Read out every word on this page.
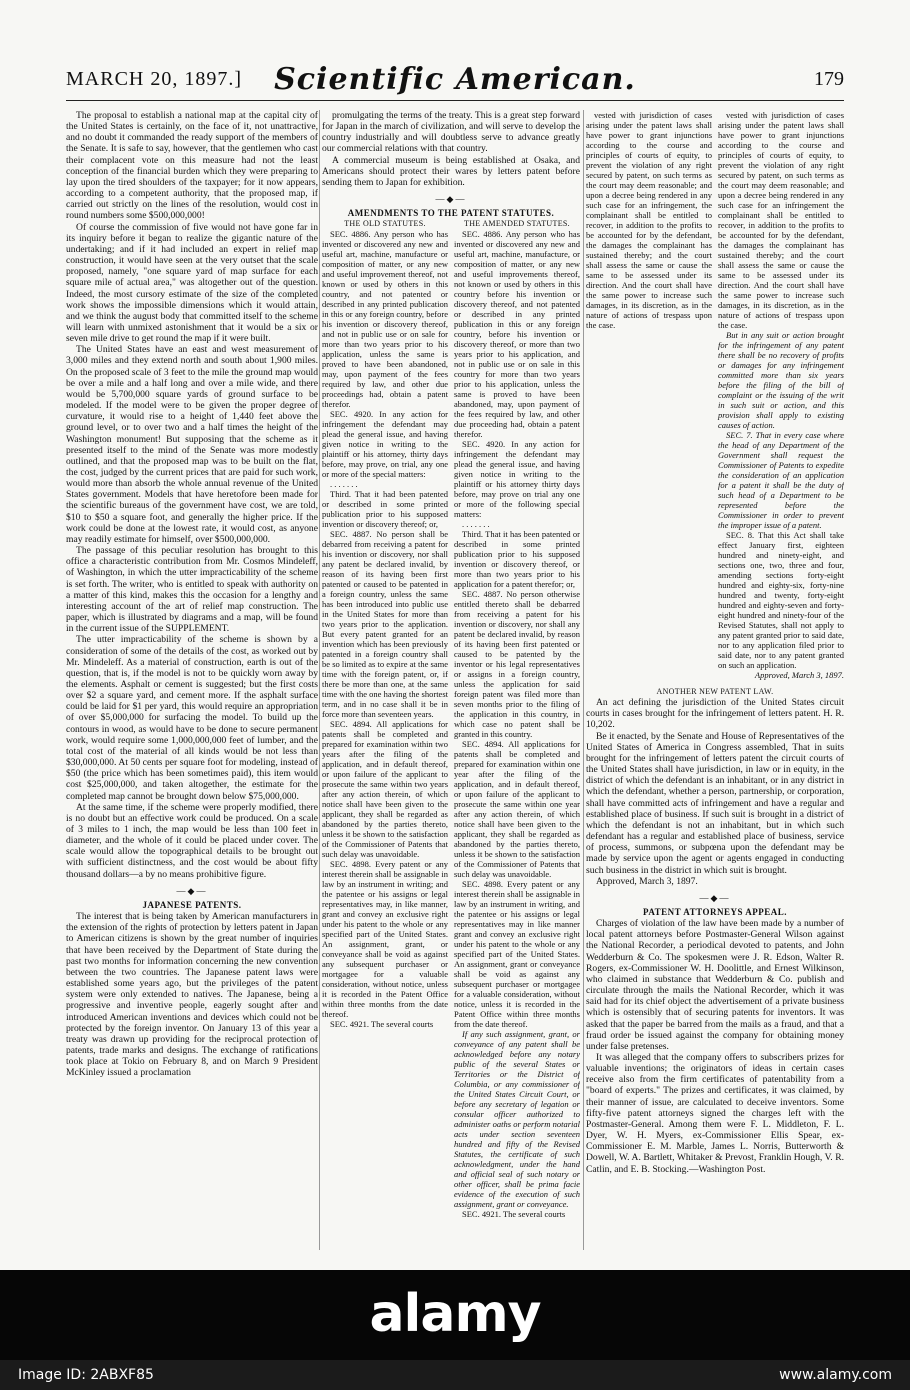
MARCH 20, 1897.]	Scientific American.	179

The proposal to establish a national map at the capital city of the United States is certainly, on the face of it, not unattractive, and no doubt it commanded the ready support of the members of the Senate. It is safe to say, however, that the gentlemen who cast their complacent vote on this measure had not the least conception of the financial burden which they were preparing to lay upon the tired shoulders of the taxpayer; for it now appears, according to a competent authority, that the proposed map, if carried out strictly on the lines of the resolution, would cost in round numbers some $500,000,000!

Of course the commission of five would not have gone far in its inquiry before it began to realize the gigantic nature of the undertaking; and if it had included an expert in relief map construction, it would have seen at the very outset that the scale proposed, namely, "one square yard of map surface for each square mile of actual area," was altogether out of the question. Indeed, the most cursory estimate of the size of the completed work shows the impossible dimensions which it would attain, and we think the august body that committed itself to the scheme will learn with unmixed astonishment that it would be a six or seven mile drive to get round the map if it were built.

The United States have an east and west measurement of 3,000 miles and they extend north and south about 1,900 miles. On the proposed scale of 3 feet to the mile the ground map would be over a mile and a half long and over a mile wide, and there would be 5,700,000 square yards of ground surface to be modeled. If the model were to be given the proper degree of curvature, it would rise to a height of 1,440 feet above the ground level, or to over two and a half times the height of the Washington monument! But supposing that the scheme as it presented itself to the mind of the Senate was more modestly outlined, and that the proposed map was to be built on the flat, the cost, judged by the current prices that are paid for such work, would more than absorb the whole annual revenue of the United States government. Models that have heretofore been made for the scientific bureaus of the government have cost, we are told, $10 to $50 a square foot, and generally the higher price. If the work could be done at the lowest rate, it would cost, as anyone may readily estimate for himself, over $500,000,000.

The passage of this peculiar resolution has brought to this office a characteristic contribution from Mr. Cosmos Mindeleff, of Washington, in which the utter impracticability of the scheme is set forth. The writer, who is entitled to speak with authority on a matter of this kind, makes this the occasion for a lengthy and interesting account of the art of relief map construction. The paper, which is illustrated by diagrams and a map, will be found in the current issue of the SUPPLEMENT.

The utter impracticability of the scheme is shown by a consideration of some of the details of the cost, as worked out by Mr. Mindeleff. As a material of construction, earth is out of the question, that is, if the model is not to be quickly worn away by the elements. Asphalt or cement is suggested; but the first costs over $2 a square yard, and cement more. If the asphalt surface could be laid for $1 per yard, this would require an appropriation of over $5,000,000 for surfacing the model. To build up the contours in wood, as would have to be done to secure permanent work, would require some 1,000,000,000 feet of lumber, and the total cost of the material of all kinds would be not less than $30,000,000. At 50 cents per square foot for modeling, instead of $50 (the price which has been sometimes paid), this item would cost $25,000,000, and taken altogether, the estimate for the completed map cannot be brought down below $75,000,000.

At the same time, if the scheme were properly modified, there is no doubt but an effective work could be produced. On a scale of 3 miles to 1 inch, the map would be less than 100 feet in diameter, and the whole of it could be placed under cover. The scale would allow the topographical details to be brought out with sufficient distinctness, and the cost would be about fifty thousand dollars—a by no means prohibitive figure.

—◆—

JAPANESE PATENTS.

The interest that is being taken by American manufacturers in the extension of the rights of protection by letters patent in Japan to American citizens is shown by the great number of inquiries that have been received by the Department of State during the past two months for information concerning the new convention between the two countries. The Japanese patent laws were established some years ago, but the privileges of the patent system were only extended to natives. The Japanese, being a progressive and inventive people, eagerly sought after and introduced American inventions and devices which could not be protected by the foreign inventor. On January 13 of this year a treaty was drawn up providing for the reciprocal protection of patents, trade marks and designs. The exchange of ratifications took place at Tokio on February 8, and on March 9 President McKinley issued a proclamation

promulgating the terms of the treaty. This is a great step forward for Japan in the march of civilization, and will serve to develop the country industrially and will doubtless serve to advance greatly our commercial relations with that country.

A commercial museum is being established at Osaka, and Americans should protect their wares by letters patent before sending them to Japan for exhibition.

—◆—

AMENDMENTS TO THE PATENT STATUTES.

THE OLD STATUTES.

SEC. 4886. Any person who has invented or discovered any new and useful art, machine, manufacture or composition of matter, or any new and useful improvement thereof, not known or used by others in this country, and not patented or described in any printed publication in this or any foreign country, before his invention or discovery thereof, and not in public use or on sale for more than two years prior to his application, unless the same is proved to have been abandoned, may, upon payment of the fees required by law, and other due proceedings had, obtain a patent therefor.

SEC. 4920. In any action for infringement the defendant may plead the general issue, and having given notice in writing to the plaintiff or his attorney, thirty days before, may prove, on trial, any one or more of the special matters:

. . . . . . .

Third. That it had been patented or described in some printed publication prior to his supposed invention or discovery thereof; or,

SEC. 4887. No person shall be debarred from receiving a patent for his invention or discovery, nor shall any patent be declared invalid, by reason of its having been first patented or caused to be patented in a foreign country, unless the same has been introduced into public use in the United States for more than two years prior to the application. But every patent granted for an invention which has been previously patented in a foreign country shall be so limited as to expire at the same time with the foreign patent, or, if there be more than one, at the same time with the one having the shortest term, and in no case shall it be in force more than seventeen years.

SEC. 4894. All applications for patents shall be completed and prepared for examination within two years after the filing of the application, and in default thereof, or upon failure of the applicant to prosecute the same within two years after any action therein, of which notice shall have been given to the applicant, they shall be regarded as abandoned by the parties thereto, unless it be shown to the satisfaction of the Commissioner of Patents that such delay was unavoidable.

SEC. 4898. Every patent or any interest therein shall be assignable in law by an instrument in writing; and the patentee or his assigns or legal representatives may, in like manner, grant and convey an exclusive right under his patent to the whole or any specified part of the United States. An assignment, grant, or conveyance shall be void as against any subsequent purchaser or mortgagee for a valuable consideration, without notice, unless it is recorded in the Patent Office within three months from the date thereof.

SEC. 4921. The several courts

THE AMENDED STATUTES.

SEC. 4886. Any person who has invented or discovered any new and useful art, machine, manufacture, or composition of matter, or any new and useful improvements thereof, not known or used by others in this country before his invention or discovery thereof, and not patented or described in any printed publication in this or any foreign country, before his invention or discovery thereof, or more than two years prior to his application, and not in public use or on sale in this country for more than two years prior to his application, unless the same is proved to have been abandoned, may, upon payment of the fees required by law, and other due proceeding had, obtain a patent therefor.

SEC. 4920. In any action for infringement the defendant may plead the general issue, and having given notice in writing to the plaintiff or his attorney thirty days before, may prove on trial any one or more of the following special matters:

. . . . . . .

Third. That it has been patented or described in some printed publication prior to his supposed invention or discovery thereof, or more than two years prior to his application for a patent therefor; or,

SEC. 4887. No person otherwise entitled thereto shall be debarred from receiving a patent for his invention or discovery, nor shall any patent be declared invalid, by reason of its having been first patented or caused to be patented by the inventor or his legal representatives or assigns in a foreign country, unless the application for said foreign patent was filed more than seven months prior to the filing of the application in this country, in which case no patent shall be granted in this country.

SEC. 4894. All applications for patents shall be completed and prepared for examination within one year after the filing of the application, and in default thereof, or upon failure of the applicant to prosecute the same within one year after any action therein, of which notice shall have been given to the applicant, they shall be regarded as abandoned by the parties thereto, unless it be shown to the satisfaction of the Commissioner of Patents that such delay was unavoidable.

SEC. 4898. Every patent or any interest therein shall be assignable in law by an instrument in writing, and the patentee or his assigns or legal representatives may in like manner grant and convey an exclusive right under his patent to the whole or any specified part of the United States. An assignment, grant or conveyance shall be void as against any subsequent purchaser or mortgagee for a valuable consideration, without notice, unless it is recorded in the Patent Office within three months from the date thereof.

If any such assignment, grant, or conveyance of any patent shall be acknowledged before any notary public of the several States or Territories or the District of Columbia, or any commissioner of the United States Circuit Court, or before any secretary of legation or consular officer authorized to administer oaths or perform notarial acts under section seventeen hundred and fifty of the Revised Statutes, the certificate of such acknowledgment, under the hand and official seal of such notary or other officer, shall be prima facie evidence of the execution of such assignment, grant or conveyance.

SEC. 4921. The several courts

vested with jurisdiction of cases arising under the patent laws shall have power to grant injunctions according to the course and principles of courts of equity, to prevent the violation of any right secured by patent, on such terms as the court may deem reasonable; and upon a decree being rendered in any such case for an infringement, the complainant shall be entitled to recover, in addition to the profits to be accounted for by the defendant, the damages the complainant has sustained thereby; and the court shall assess the same or cause the same to be assessed under its direction. And the court shall have the same power to increase such damages, in its discretion, as in the nature of actions of trespass upon the case.

vested with jurisdiction of cases arising under the patent laws shall have power to grant injunctions according to the course and principles of courts of equity, to prevent the violation of any right secured by patent, on such terms as the court may deem reasonable; and upon a decree being rendered in any such case for an infringement the complainant shall be entitled to recover, in addition to the profits to be accounted for by the defendant, the damages the complainant has sustained thereby; and the court shall assess the same or cause the same to be assessed under its direction. And the court shall have the same power to increase such damages, in its discretion, as in the nature of actions of trespass upon the case.

But in any suit or action brought for the infringement of any patent there shall be no recovery of profits or damages for any infringement committed more than six years before the filing of the bill of complaint or the issuing of the writ in such suit or action, and this provision shall apply to existing causes of action.

SEC. 7. That in every case where the head of any Department of the Government shall request the Commissioner of Patents to expedite the consideration of an application for a patent it shall be the duty of such head of a Department to be represented before the Commissioner in order to prevent the improper issue of a patent.

SEC. 8. That this Act shall take effect January first, eighteen hundred and ninety-eight, and sections one, two, three and four, amending sections forty-eight hundred and eighty-six, forty-nine hundred and twenty, forty-eight hundred and eighty-seven and forty-eight hundred and ninety-four of the Revised Statutes, shall not apply to any patent granted prior to said date, nor to any application filed prior to said date, nor to any patent granted on such an application.

Approved, March 3, 1897.

ANOTHER NEW PATENT LAW.

An act defining the jurisdiction of the United States circuit courts in cases brought for the infringement of letters patent. H. R. 10,202.

Be it enacted, by the Senate and House of Representatives of the United States of America in Congress assembled, That in suits brought for the infringement of letters patent the circuit courts of the United States shall have jurisdiction, in law or in equity, in the district of which the defendant is an inhabitant, or in any district in which the defendant, whether a person, partnership, or corporation, shall have committed acts of infringement and have a regular and established place of business. If such suit is brought in a district of which the defendant is not an inhabitant, but in which such defendant has a regular and established place of business, service of process, summons, or subpœna upon the defendant may be made by service upon the agent or agents engaged in conducting such business in the district in which suit is brought.

Approved, March 3, 1897.

—◆—

PATENT ATTORNEYS APPEAL.

Charges of violation of the law have been made by a number of local patent attorneys before Postmaster-General Wilson against the National Recorder, a periodical devoted to patents, and John Wedderburn & Co. The spokesmen were J. R. Edson, Walter R. Rogers, ex-Commissioner W. H. Doolittle, and Ernest Wilkinson, who claimed in substance that Wedderburn & Co. publish and circulate through the mails the National Recorder, which it was said had for its chief object the advertisement of a private business which is ostensibly that of securing patents for inventors. It was asked that the paper be barred from the mails as a fraud, and that a fraud order be issued against the company for obtaining money under false pretenses.

It was alleged that the company offers to subscribers prizes for valuable inventions; the originators of ideas in certain cases receive also from the firm certificates of patentability from a "board of experts." The prizes and certificates, it was claimed, by their manner of issue, are calculated to deceive inventors. Some fifty-five patent attorneys signed the charges left with the Postmaster-General. Among them were F. L. Middleton, F. L. Dyer, W. H. Myers, ex-Commissioner Ellis Spear, ex-Commissioner E. M. Marble, James L. Norris, Butterworth & Dowell, W. A. Bartlett, Whitaker & Prevost, Franklin Hough, V. R. Catlin, and E. B. Stocking.—Washington Post.

alamy
Image ID: 2ABXF85	www.alamy.com
